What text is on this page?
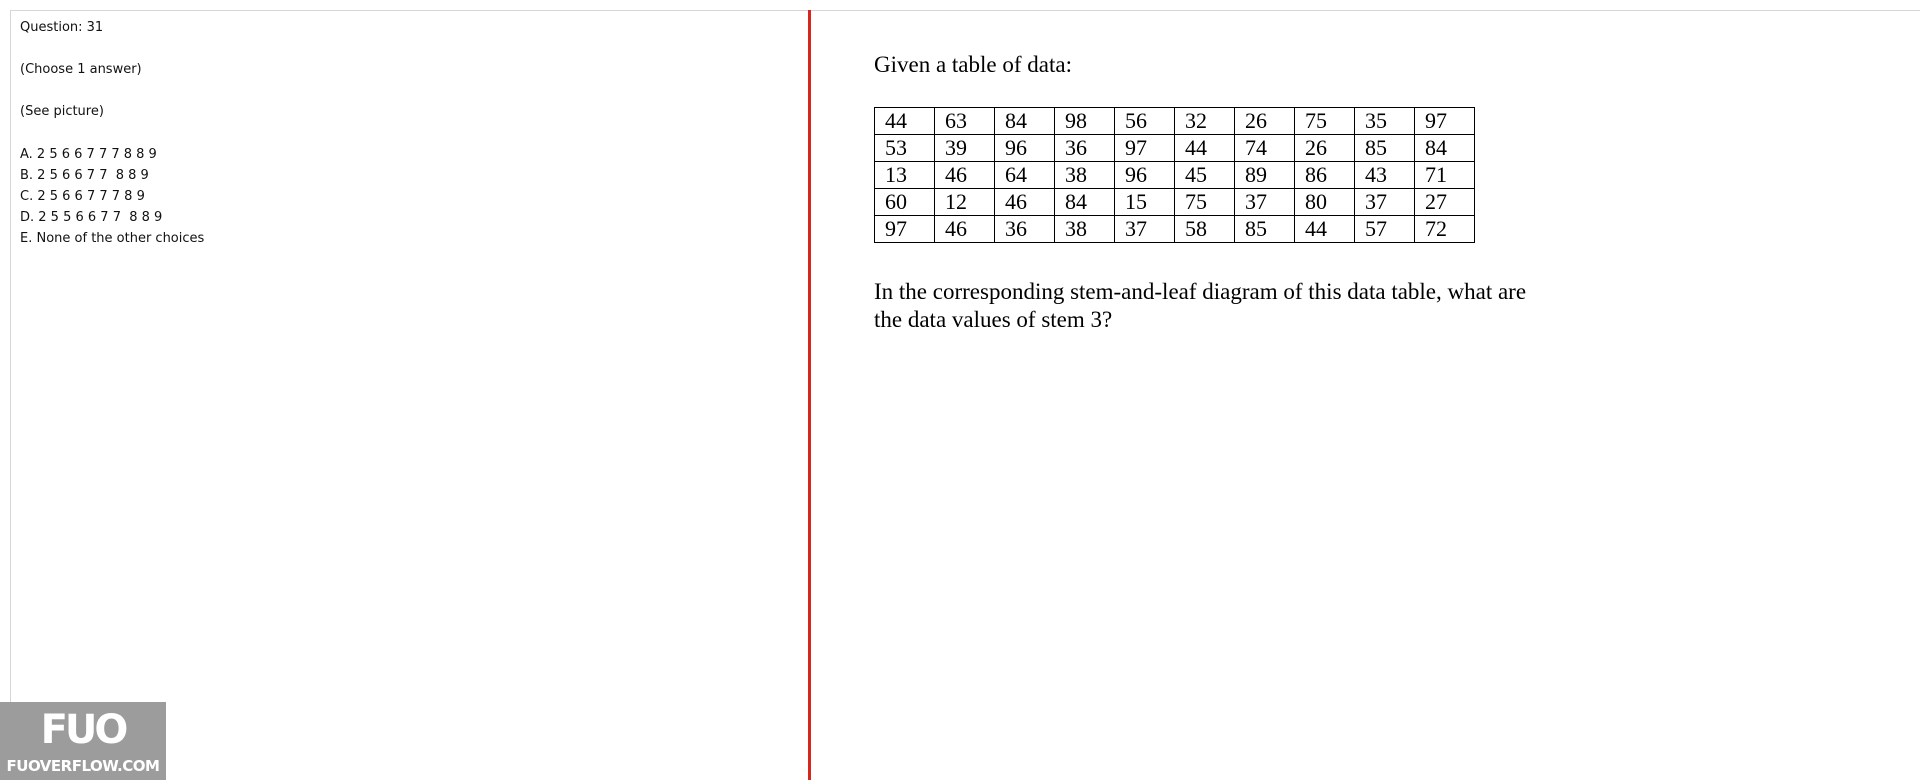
Question: 31
(Choose 1 answer)
(See picture)
A. 2 5 6 6 7 7 7 8 8 9
B. 2 5 6 6 7 7  8 8 9
C. 2 5 6 6 7 7 7 8 9
D. 2 5 5 6 6 7 7  8 8 9
E. None of the other choices
Given a table of data:
44	63	84	98	56	32	26	75	35	97
53	39	96	36	97	44	74	26	85	84
13	46	64	38	96	45	89	86	43	71
60	12	46	84	15	75	37	80	37	27
97	46	36	38	37	58	85	44	57	72
In the corresponding stem-and-leaf diagram of this data table, what are
the data values of stem 3?
FUO
FUOVERFLOW.COM
